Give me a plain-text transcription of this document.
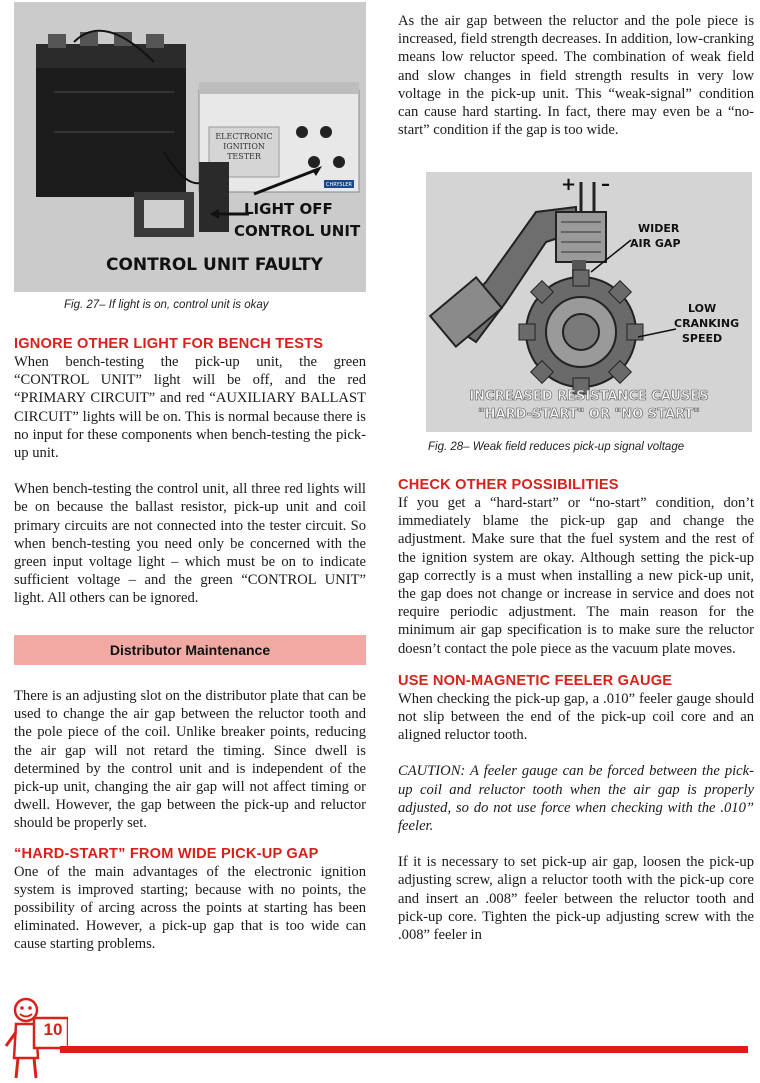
ELECTRONIC
IGNITION
TESTER
CHRYSLER
LIGHT OFF
CONTROL UNIT
CONTROL UNIT FAULTY
Fig. 27– If light is on, control unit is okay
IGNORE OTHER LIGHT FOR BENCH TESTS

When bench-testing the pick-up unit, the green “CONTROL UNIT” light will be off, and the red “PRIMARY CIRCUIT” and red “AUXILIARY BALLAST CIRCUIT” lights will be on. This is normal because there is no input for these components when bench-testing the pick-up unit.

When bench-testing the control unit, all three red lights will be on because the ballast resistor, pick-up unit and coil primary circuits are not connected into the tester circuit. So when bench-testing you need only be concerned with the green input voltage light – which must be on to indicate sufficient voltage – and the green “CONTROL UNIT” light. All others can be ignored.

Distributor Maintenance

There is an adjusting slot on the distributor plate that can be used to change the air gap between the reluctor tooth and the pole piece of the coil. Unlike breaker points, reducing the air gap will not retard the timing. Since dwell is determined by the control unit and is independent of the pick-up unit, changing the air gap will not affect timing or dwell. However, the gap between the pick-up and reluctor should be properly set.

“HARD-START” FROM WIDE PICK-UP GAP

One of the main advantages of the electronic ignition system is improved starting; because with no points, the possibility of arcing across the points at starting has been eliminated. However, a pick-up gap that is too wide can cause starting problems.

As the air gap between the reluctor and the pole piece is increased, field strength decreases. In addition, low-cranking means low reluctor speed. The combination of weak field and slow changes in field strength results in very low voltage in the pick-up unit. This “weak-signal” condition can cause hard starting. In fact, there may even be a “no-start” condition if the gap is too wide.

+ –
WIDER
AIR GAP
LOW
CRANKING
SPEED
INCREASED RESISTANCE CAUSES
"HARD-START" OR "NO START"
Fig. 28– Weak field reduces pick-up signal voltage
CHECK OTHER POSSIBILITIES

If you get a “hard-start” or “no-start” condition, don’t immediately blame the pick-up gap and change the adjustment. Make sure that the fuel system and the rest of the ignition system are okay. Although setting the pick-up gap correctly is a must when installing a new pick-up unit, the gap does not change or increase in service and does not require periodic adjustment. The main reason for the minimum air gap specification is to make sure the reluctor doesn’t contact the pole piece as the vacuum plate moves.

USE NON-MAGNETIC FEELER GAUGE

When checking the pick-up gap, a .010” feeler gauge should not slip between the end of the pick-up coil core and an aligned reluctor tooth.

CAUTION: A feeler gauge can be forced between the pick-up coil and reluctor tooth when the air gap is properly adjusted, so do not use force when checking with the .010” feeler.

If it is necessary to set pick-up air gap, loosen the pick-up adjusting screw, align a reluctor tooth with the pick-up core and insert an .008” feeler between the reluctor tooth and pick-up core. Tighten the pick-up adjusting screw with the .008” feeler in

10
